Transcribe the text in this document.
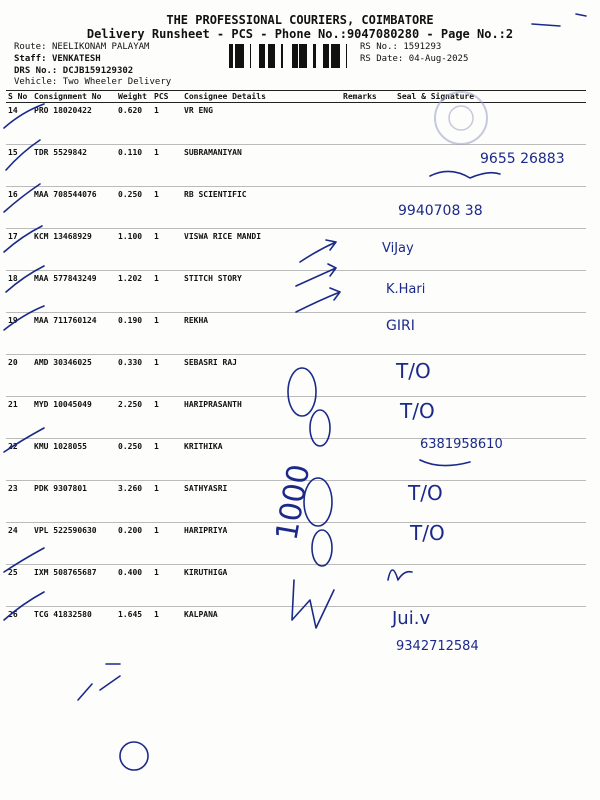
THE PROFESSIONAL COURIERS, COIMBATORE
Delivery Runsheet - PCS - Phone No.:9047080280 - Page No.:2
Route: NEELIKONAM PALAYAM
Staff: VENKATESH
DRS No.: DCJB159129302
Vehicle: Two Wheeler Delivery
RS No.: 1591293
RS Date: 04-Aug-2025
S No	Consignment No	Weight	PCS	Consignee Details	Remarks	Seal & Signature
14	PRO 18020422	0.620	1	VR ENG		
15	TDR 5529842	0.110	1	SUBRAMANIYAN		
16	MAA 708544076	0.250	1	RB SCIENTIFIC		
17	KCM 13468929	1.100	1	VISWA RICE MANDI		
18	MAA 577843249	1.202	1	STITCH STORY		
19	MAA 711760124	0.190	1	REKHA		
20	AMD 30346025	0.330	1	SEBASRI RAJ		
21	MYD 10045049	2.250	1	HARIPRASANTH		
22	KMU 1028055	0.250	1	KRITHIKA		
23	PDK 9307801	3.260	1	SATHYASRI		
24	VPL 522590630	0.200	1	HARIPRIYA		
25	IXM 508765687	0.400	1	KIRUTHIGA		
26	TCG 41832580	1.645	1	KALPANA		
9655 26883
9940708 38
ViJay
K.Hari
GIRI
T/O
T/O
6381958610
T/O
T/O
Jui.v
9342712584
1000
